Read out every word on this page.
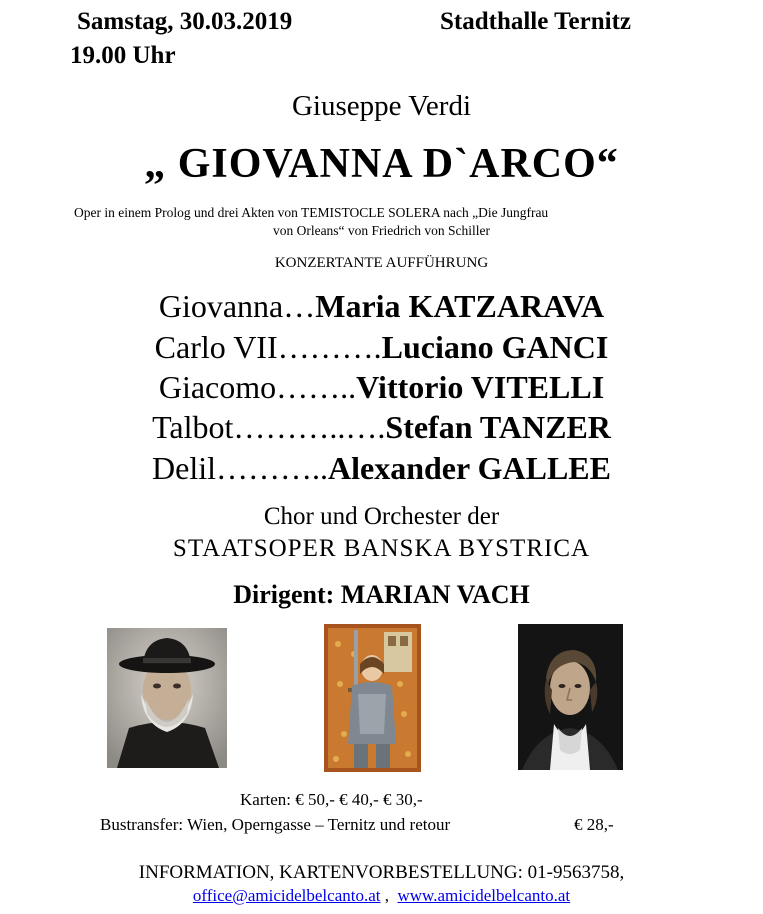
Samstag, 30.03.2019	Stadthalle Ternitz
19.00 Uhr
Giuseppe Verdi
„ GIOVANNA D`ARCO“
Oper in einem Prolog und drei Akten von TEMISTOCLE SOLERA nach „Die Jungfrau
von Orleans“ von Friedrich von Schiller
KONZERTANTE AUFFÜHRUNG
Giovanna…Maria KATZARAVA
Carlo VII……….Luciano GANCI
Giacomo……..Vittorio VITELLI
Talbot………..….Stefan TANZER
Delil………..Alexander GALLEE
Chor und Orchester der
STAATSOPER BANSKA BYSTRICA
Dirigent: MARIAN VACH
Karten: € 50,- € 40,- € 30,-
Bustransfer: Wien, Operngasse – Ternitz und retour	€ 28,-
INFORMATION, KARTENVORBESTELLUNG: 01-9563758,
office@amicidelbelcanto.at ,  www.amicidelbelcanto.at
